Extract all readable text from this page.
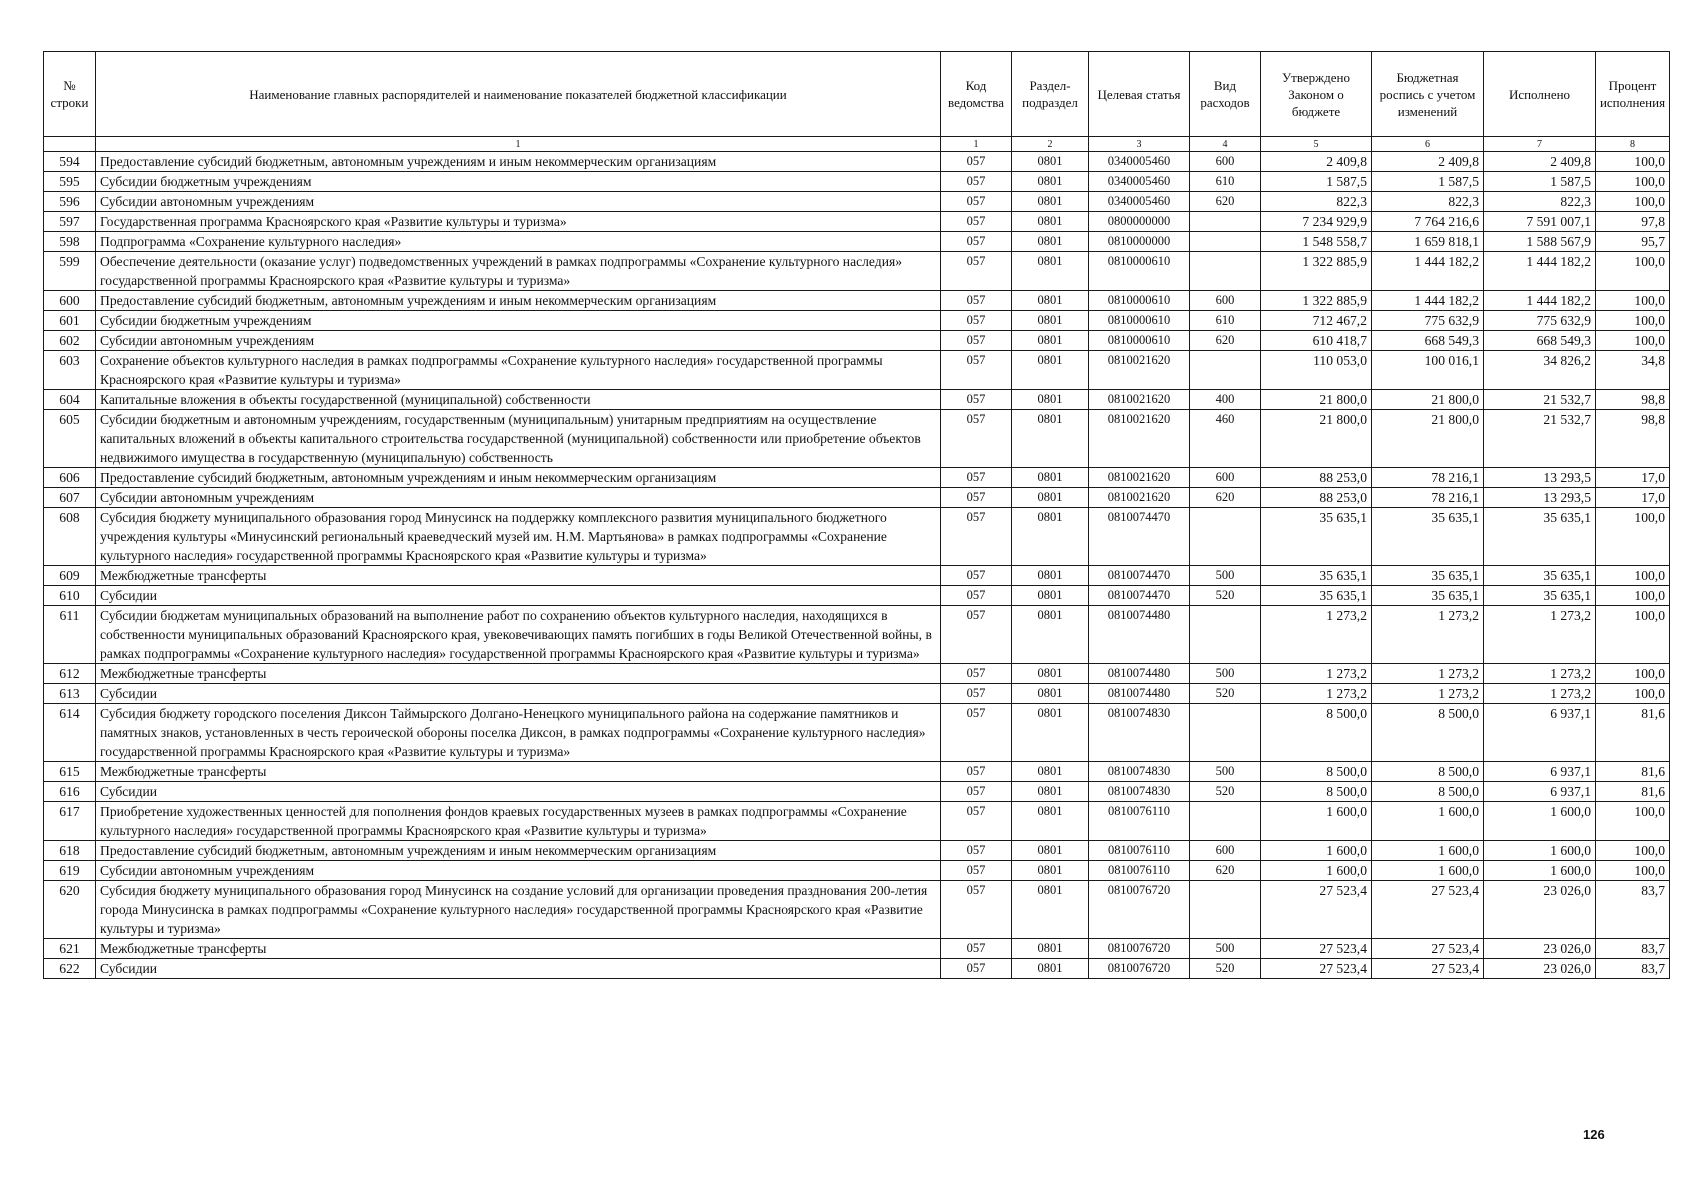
№ строки	Наименование главных распорядителей и наименование показателей бюджетной классификации	Код ведомства	Раздел-подраздел	Целевая статья	Вид расходов	Утверждено Законом о бюджете	Бюджетная роспись с учетом изменений	Исполнено	Процент исполнения
	1	1	2	3	4	5	6	7	8
594	Предоставление субсидий бюджетным, автономным учреждениям и иным некоммерческим организациям	057	0801	0340005460	600	2 409,8	2 409,8	2 409,8	100,0
595	Субсидии бюджетным учреждениям	057	0801	0340005460	610	1 587,5	1 587,5	1 587,5	100,0
596	Субсидии автономным учреждениям	057	0801	0340005460	620	822,3	822,3	822,3	100,0
597	Государственная программа Красноярского края «Развитие культуры и туризма»	057	0801	0800000000		7 234 929,9	7 764 216,6	7 591 007,1	97,8
598	Подпрограмма «Сохранение культурного наследия»	057	0801	0810000000		1 548 558,7	1 659 818,1	1 588 567,9	95,7
599	Обеспечение деятельности (оказание услуг) подведомственных учреждений в рамках подпрограммы «Сохранение культурного наследия» государственной программы Красноярского края «Развитие культуры и туризма»	057	0801	0810000610		1 322 885,9	1 444 182,2	1 444 182,2	100,0
600	Предоставление субсидий бюджетным, автономным учреждениям и иным некоммерческим организациям	057	0801	0810000610	600	1 322 885,9	1 444 182,2	1 444 182,2	100,0
601	Субсидии бюджетным учреждениям	057	0801	0810000610	610	712 467,2	775 632,9	775 632,9	100,0
602	Субсидии автономным учреждениям	057	0801	0810000610	620	610 418,7	668 549,3	668 549,3	100,0
603	Сохранение объектов культурного наследия в рамках подпрограммы «Сохранение культурного наследия» государственной программы Красноярского края «Развитие культуры и туризма»	057	0801	0810021620		110 053,0	100 016,1	34 826,2	34,8
604	Капитальные вложения в объекты государственной (муниципальной) собственности	057	0801	0810021620	400	21 800,0	21 800,0	21 532,7	98,8
605	Субсидии бюджетным и автономным учреждениям, государственным (муниципальным) унитарным предприятиям на осуществление капитальных вложений в объекты капитального строительства государственной (муниципальной) собственности или приобретение объектов недвижимого имущества в государственную (муниципальную) собственность	057	0801	0810021620	460	21 800,0	21 800,0	21 532,7	98,8
606	Предоставление субсидий бюджетным, автономным учреждениям и иным некоммерческим организациям	057	0801	0810021620	600	88 253,0	78 216,1	13 293,5	17,0
607	Субсидии автономным учреждениям	057	0801	0810021620	620	88 253,0	78 216,1	13 293,5	17,0
608	Субсидия бюджету муниципального образования город Минусинск на поддержку комплексного развития муниципального бюджетного учреждения культуры «Минусинский региональный краеведческий музей им. Н.М. Мартьянова» в рамках подпрограммы «Сохранение культурного наследия» государственной программы Красноярского края «Развитие культуры и туризма»	057	0801	0810074470		35 635,1	35 635,1	35 635,1	100,0
609	Межбюджетные трансферты	057	0801	0810074470	500	35 635,1	35 635,1	35 635,1	100,0
610	Субсидии	057	0801	0810074470	520	35 635,1	35 635,1	35 635,1	100,0
611	Субсидии бюджетам муниципальных образований на выполнение работ по сохранению объектов культурного наследия, находящихся в собственности муниципальных образований Красноярского края, увековечивающих память погибших в годы Великой Отечественной войны, в рамках подпрограммы «Сохранение культурного наследия» государственной программы Красноярского края «Развитие культуры и туризма»	057	0801	0810074480		1 273,2	1 273,2	1 273,2	100,0
612	Межбюджетные трансферты	057	0801	0810074480	500	1 273,2	1 273,2	1 273,2	100,0
613	Субсидии	057	0801	0810074480	520	1 273,2	1 273,2	1 273,2	100,0
614	Субсидия бюджету городского поселения Диксон Таймырского Долгано-Ненецкого муниципального района на содержание памятников и памятных знаков, установленных в честь героической обороны поселка Диксон, в рамках подпрограммы «Сохранение культурного наследия» государственной программы Красноярского края «Развитие культуры и туризма»	057	0801	0810074830		8 500,0	8 500,0	6 937,1	81,6
615	Межбюджетные трансферты	057	0801	0810074830	500	8 500,0	8 500,0	6 937,1	81,6
616	Субсидии	057	0801	0810074830	520	8 500,0	8 500,0	6 937,1	81,6
617	Приобретение художественных ценностей для пополнения фондов краевых государственных музеев в рамках подпрограммы «Сохранение культурного наследия» государственной программы Красноярского края «Развитие культуры и туризма»	057	0801	0810076110		1 600,0	1 600,0	1 600,0	100,0
618	Предоставление субсидий бюджетным, автономным учреждениям и иным некоммерческим организациям	057	0801	0810076110	600	1 600,0	1 600,0	1 600,0	100,0
619	Субсидии автономным учреждениям	057	0801	0810076110	620	1 600,0	1 600,0	1 600,0	100,0
620	Субсидия бюджету муниципального образования город Минусинск на создание условий для организации проведения празднования 200-летия города Минусинска в рамках подпрограммы «Сохранение культурного наследия» государственной программы Красноярского края «Развитие культуры и туризма»	057	0801	0810076720		27 523,4	27 523,4	23 026,0	83,7
621	Межбюджетные трансферты	057	0801	0810076720	500	27 523,4	27 523,4	23 026,0	83,7
622	Субсидии	057	0801	0810076720	520	27 523,4	27 523,4	23 026,0	83,7
126
